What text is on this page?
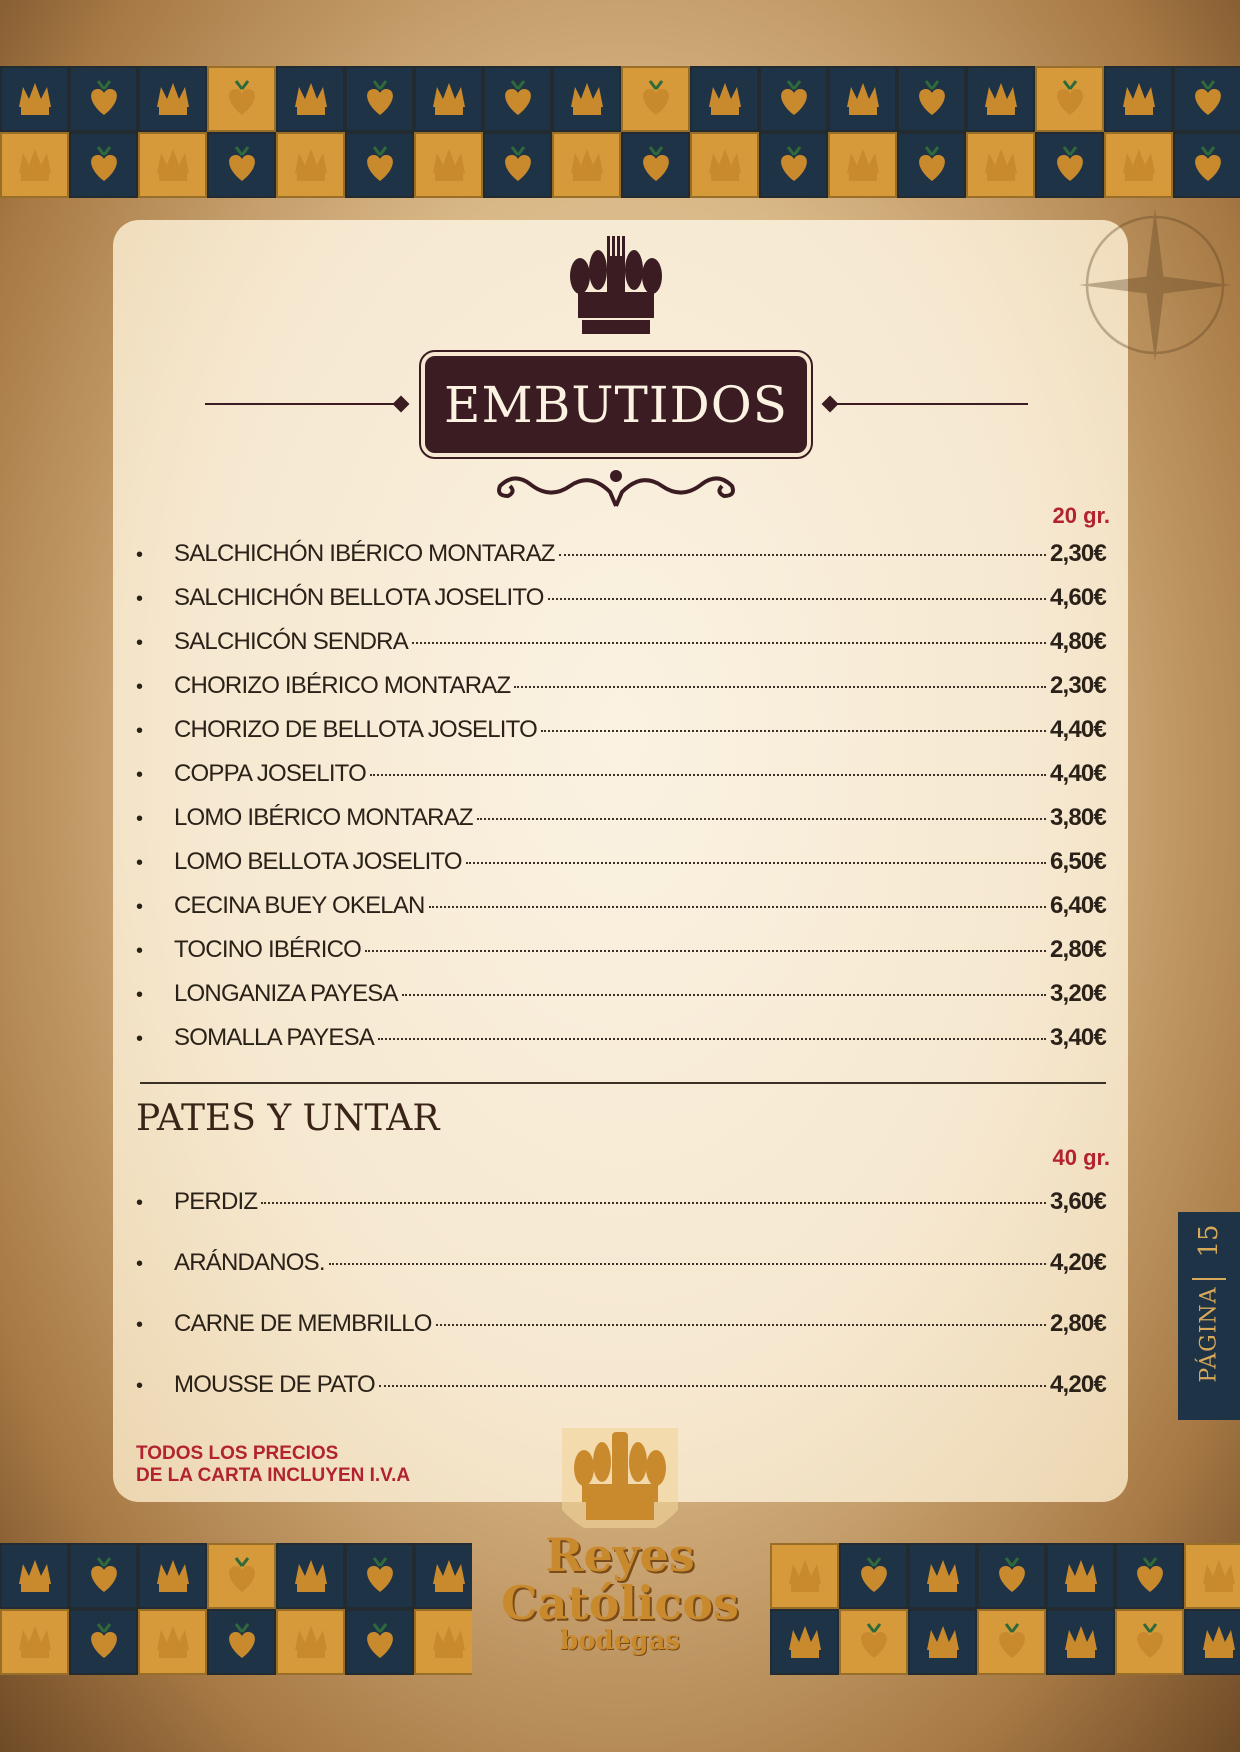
EMBUTIDOS
20 gr.
•	SALCHICHÓN IBÉRICO MONTARAZ	2,30€
•	SALCHICHÓN BELLOTA JOSELITO	4,60€
•	SALCHICÓN SENDRA	4,80€
•	CHORIZO IBÉRICO MONTARAZ	2,30€
•	CHORIZO DE BELLOTA JOSELITO	4,40€
•	COPPA JOSELITO	4,40€
•	LOMO IBÉRICO MONTARAZ	3,80€
•	LOMO BELLOTA JOSELITO	6,50€
•	CECINA BUEY OKELAN	6,40€
•	TOCINO IBÉRICO	2,80€
•	LONGANIZA PAYESA	3,20€
•	SOMALLA PAYESA	3,40€
PATES Y UNTAR
40 gr.
•	PERDIZ	3,60€
•	ARÁNDANOS.	4,20€
•	CARNE DE MEMBRILLO	2,80€
•	MOUSSE DE PATO	4,20€
TODOS LOS PRECIOS
DE LA CARTA INCLUYEN I.V.A
15
PÁGINA
Reyes
Católicos
bodegas
